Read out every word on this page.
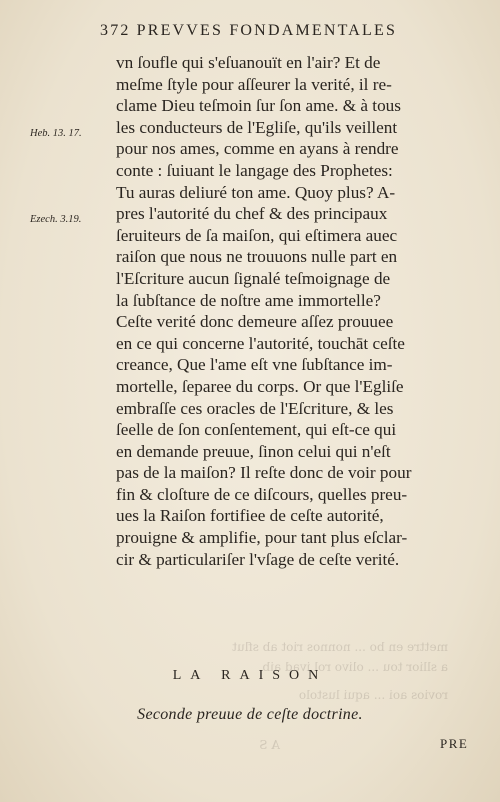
mettre en bo ... nonnos riot ab sflut
a sllior tou ... olivo rol ivad aib
rovios aoi ... aqui lustolo
A S
372 PREVVES FONDAMENTALES
Heb. 13. 17.
Ezech. 3.19.
vn ſoufle qui s'eſuanouït en l'air? Et de
meſme ſtyle pour aſſeurer la verité, il re-
clame Dieu teſmoin ſur ſon ame. & à tous
les conducteurs de l'Egliſe, qu'ils veillent
pour nos ames, comme en ayans à rendre
conte : ſuiuant le langage des Prophetes:
Tu auras deliuré ton ame. Quoy plus? A-
pres l'autorité du chef & des principaux
ſeruiteurs de ſa maiſon, qui eſtimera auec
raiſon que nous ne trouuons nulle part en
l'Eſcriture aucun ſignalé teſmoignage de
la ſubſtance de noſtre ame immortelle?
Ceſte verité donc demeure aſſez prouuee
en ce qui concerne l'autorité, touchāt ceſte
creance, Que l'ame eſt vne ſubſtance im-
mortelle, ſeparee du corps. Or que l'Egliſe
embraſſe ces oracles de l'Eſcriture, & les
ſeelle de ſon conſentement, qui eſt-ce qui
en demande preuue, ſinon celui qui n'eſt
pas de la maiſon? Il reſte donc de voir pour
fin & cloſture de ce diſcours, quelles preu-
ues la Raiſon fortifiee de ceſte autorité,
prouigne & amplifie, pour tant plus eſclar-
cir & particulariſer l'vſage de ceſte verité.
LA RAISON
Seconde preuue de ceſte doctrine.
PRE
